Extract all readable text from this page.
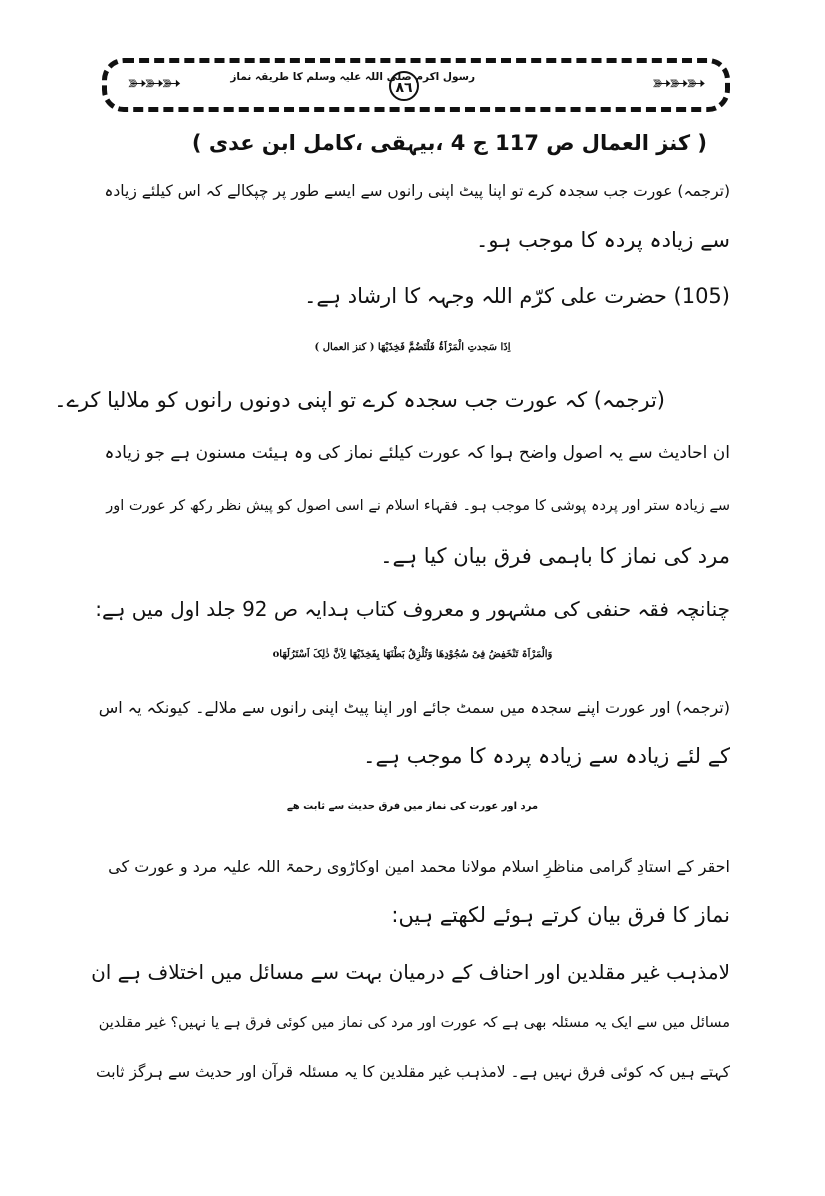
➳➳➳	٨٦
رسول اکرم صلی اللہ علیہ وسلم کا طریقہ نماز	➳➳➳
( کنز العمال ص 117 ج 4 ،بیہقی ،کامل ابن عدی )
(ترجمہ) عورت جب سجدہ کرے تو اپنا پیٹ اپنی رانوں سے ایسے طور پر چپکالے کہ اس کیلئے زیادہ
سے زیادہ پردہ کا موجب ہو۔
(105) حضرت علی کرّم اللہ وجہہ کا ارشاد ہے۔
اِذَا سَجدتِ الْمَرْاَۃُ فَلْتَضُمَّ فَخِذَیْھَا ( کنز العمال )
(ترجمہ) کہ عورت جب سجدہ کرے تو اپنی دونوں رانوں کو ملالیا کرے۔
ان احادیث سے یہ اصول واضح ہوا کہ عورت کیلئے نماز کی وہ ہیئت مسنون ہے جو زیادہ
سے زیادہ ستر اور پردہ پوشی کا موجب ہو۔ فقہاء اسلام نے اسی اصول کو پیش نظر رکھ کر عورت اور
مرد کی نماز کا باہمی فرق بیان کیا ہے۔
چنانچہ فقہ حنفی کی مشہور و معروف کتاب ہدایہ ص 92 جلد اول میں ہے:
وَالْمَرْاَۃ تَنْخَفِضُ فِیْ سُجُوْدِھَا وَتُلْزِقُ بَطْنَھَا بِفَخِذَیْھَا لِاَنَّ ذٰلِکَ اَسْتَرُلَھَاo
(ترجمہ) اور عورت اپنے سجدہ میں سمٹ جائے اور اپنا پیٹ اپنی رانوں سے ملالے۔ کیونکہ یہ اس
کے لئے زیادہ سے زیادہ پردہ کا موجب ہے۔
مرد اور عورت کی نماز میں فرق حدیث سے ثابت ھے
احقر کے استادِ گرامی مناظرِ اسلام مولانا محمد امین اوکاڑوی رحمۃ اللہ علیہ مرد و عورت کی
نماز کا فرق بیان کرتے ہوئے لکھتے ہیں:
لامذہب غیر مقلدین اور احناف کے درمیان بہت سے مسائل میں اختلاف ہے ان
مسائل میں سے ایک یہ مسئلہ بھی ہے کہ عورت اور مرد کی نماز میں کوئی فرق ہے یا نہیں؟ غیر مقلدین
کہتے ہیں کہ کوئی فرق نہیں ہے۔ لامذہب غیر مقلدین کا یہ مسئلہ قرآن اور حدیث سے ہرگز ثابت
